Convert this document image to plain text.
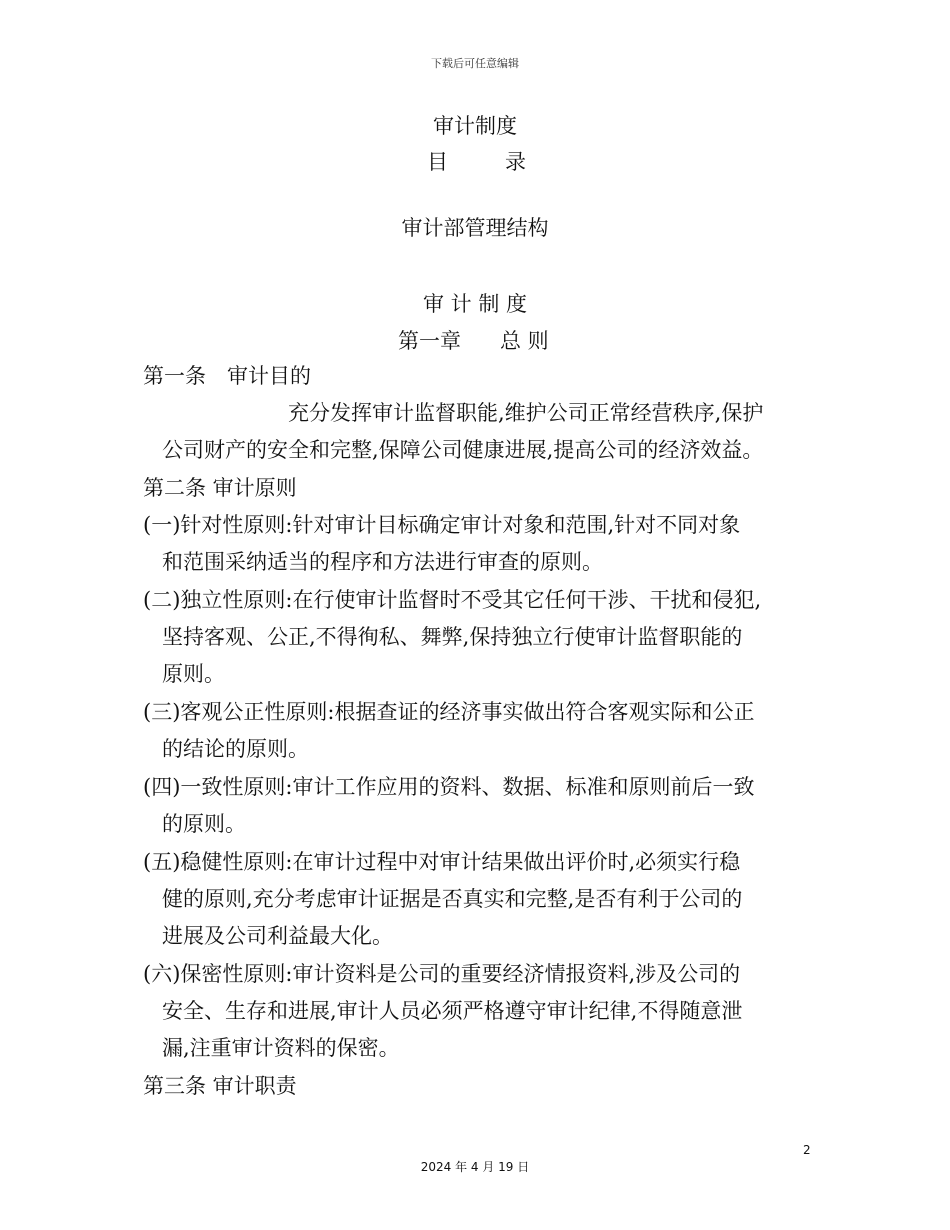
下载后可任意编辑
审计制度
目	录
审计部管理结构
审 计 制 度
第一章 总 则
第一条　审计目的
充分发挥审计监督职能,维护公司正常经营秩序,保护
公司财产的安全和完整,保障公司健康进展,提高公司的经济效益。
第二条 审计原则
(一)针对性原则:针对审计目标确定审计对象和范围,针对不同对象
和范围采纳适当的程序和方法进行审查的原则。
(二)独立性原则:在行使审计监督时不受其它任何干涉、干扰和侵犯,
坚持客观、公正,不得徇私、舞弊,保持独立行使审计监督职能的
原则。
(三)客观公正性原则:根据查证的经济事实做出符合客观实际和公正
的结论的原则。
(四)一致性原则:审计工作应用的资料、数据、标准和原则前后一致
的原则。
(五)稳健性原则:在审计过程中对审计结果做出评价时,必须实行稳
健的原则,充分考虑审计证据是否真实和完整,是否有利于公司的
进展及公司利益最大化。
(六)保密性原则:审计资料是公司的重要经济情报资料,涉及公司的
安全、生存和进展,审计人员必须严格遵守审计纪律,不得随意泄
漏,注重审计资料的保密。
第三条 审计职责
2
2024 年 4 月 19 日
